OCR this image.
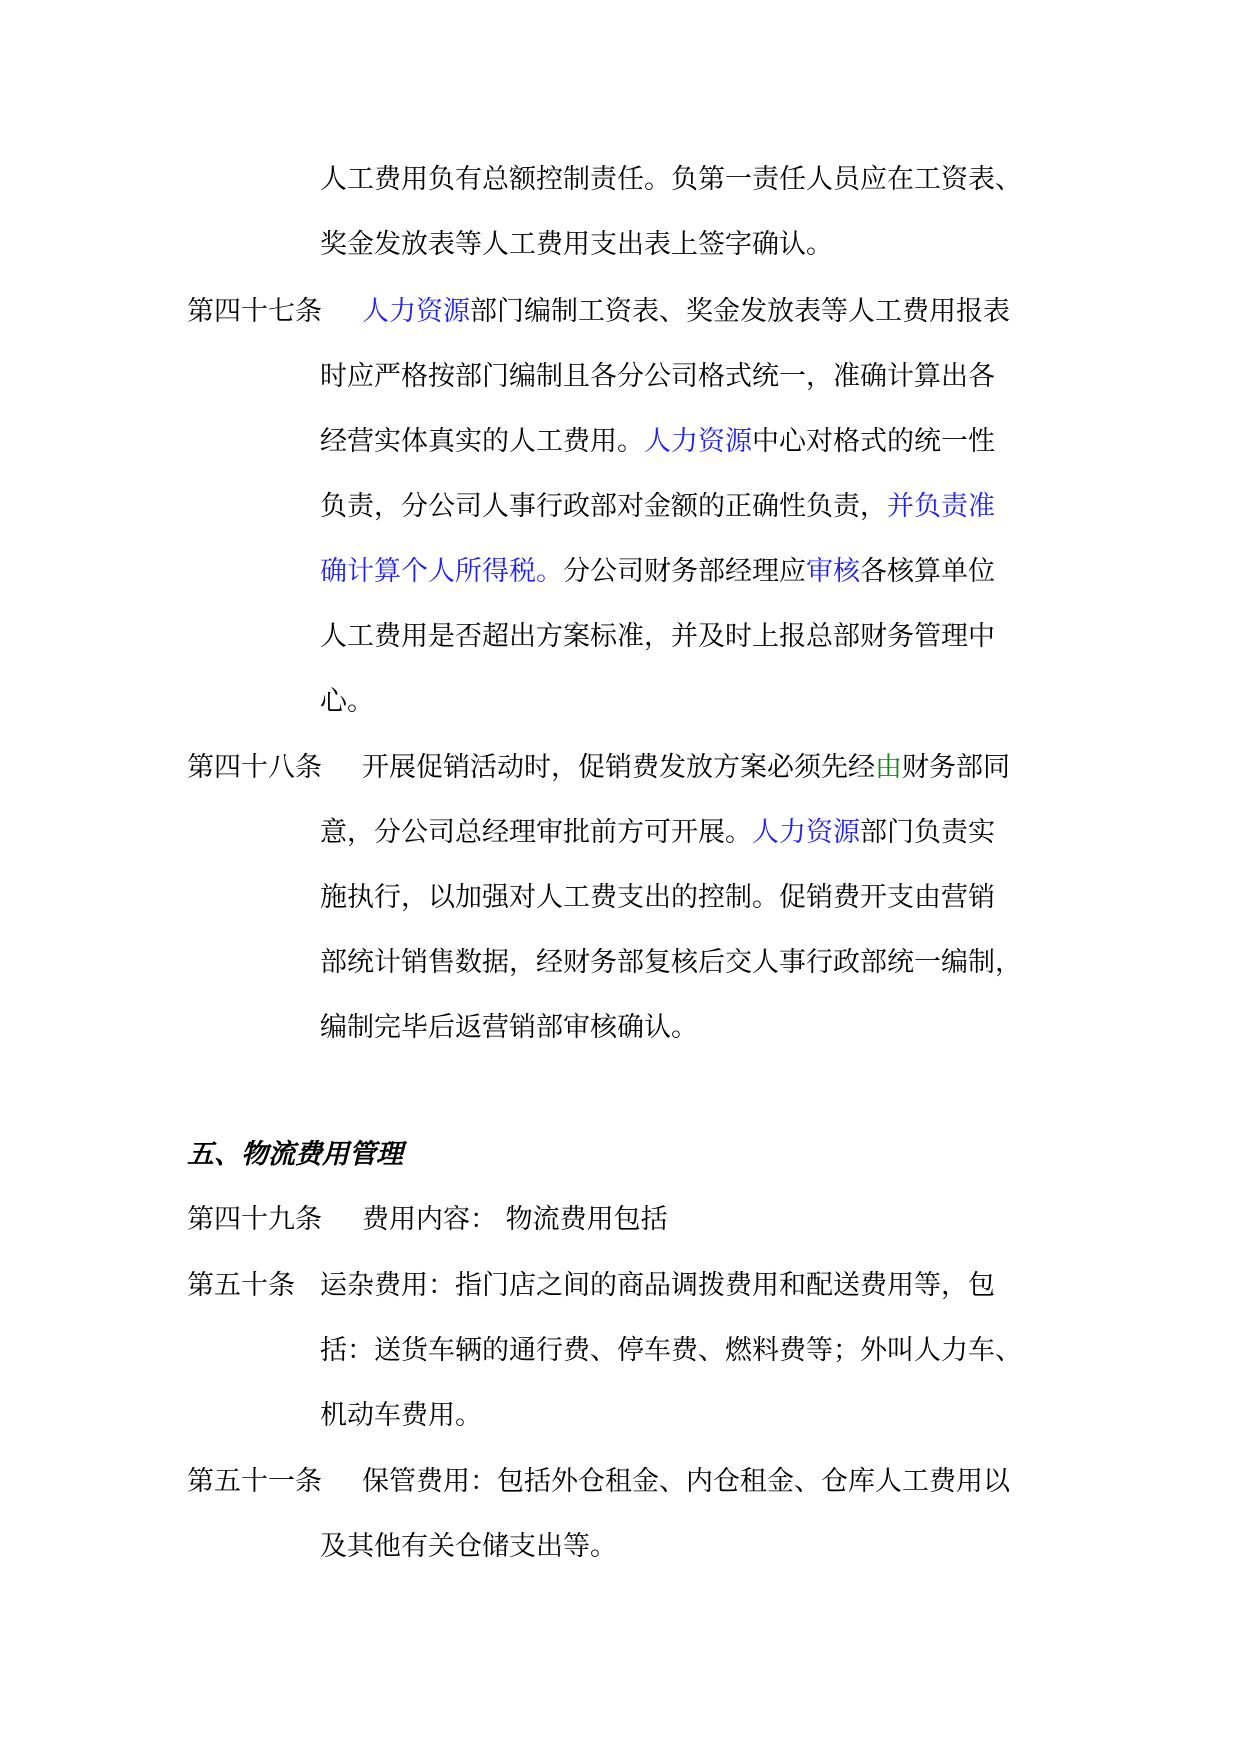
人工费用负有总额控制责任。负第一责任人员应在工资表、
奖金发放表等人工费用支出表上签字确认。
第四十七条 人力资源部门编制工资表、奖金发放表等人工费用报表
时应严格按部门编制且各分公司格式统一，准确计算出各
经营实体真实的人工费用。人力资源中心对格式的统一性
负责，分公司人事行政部对金额的正确性负责，并负责准
确计算个人所得税。分公司财务部经理应审核各核算单位
人工费用是否超出方案标准，并及时上报总部财务管理中
心。
第四十八条 开展促销活动时，促销费发放方案必须先经由财务部同
意，分公司总经理审批前方可开展。人力资源部门负责实
施执行，以加强对人工费支出的控制。促销费开支由营销
部统计销售数据，经财务部复核后交人事行政部统一编制，
编制完毕后返营销部审核确认。
五、物流费用管理
第四十九条 费用内容： 物流费用包括
第五十条 运杂费用：指门店之间的商品调拨费用和配送费用等，包
括：送货车辆的通行费、停车费、燃料费等；外叫人力车、
机动车费用。
第五十一条 保管费用：包括外仓租金、内仓租金、仓库人工费用以
及其他有关仓储支出等。
